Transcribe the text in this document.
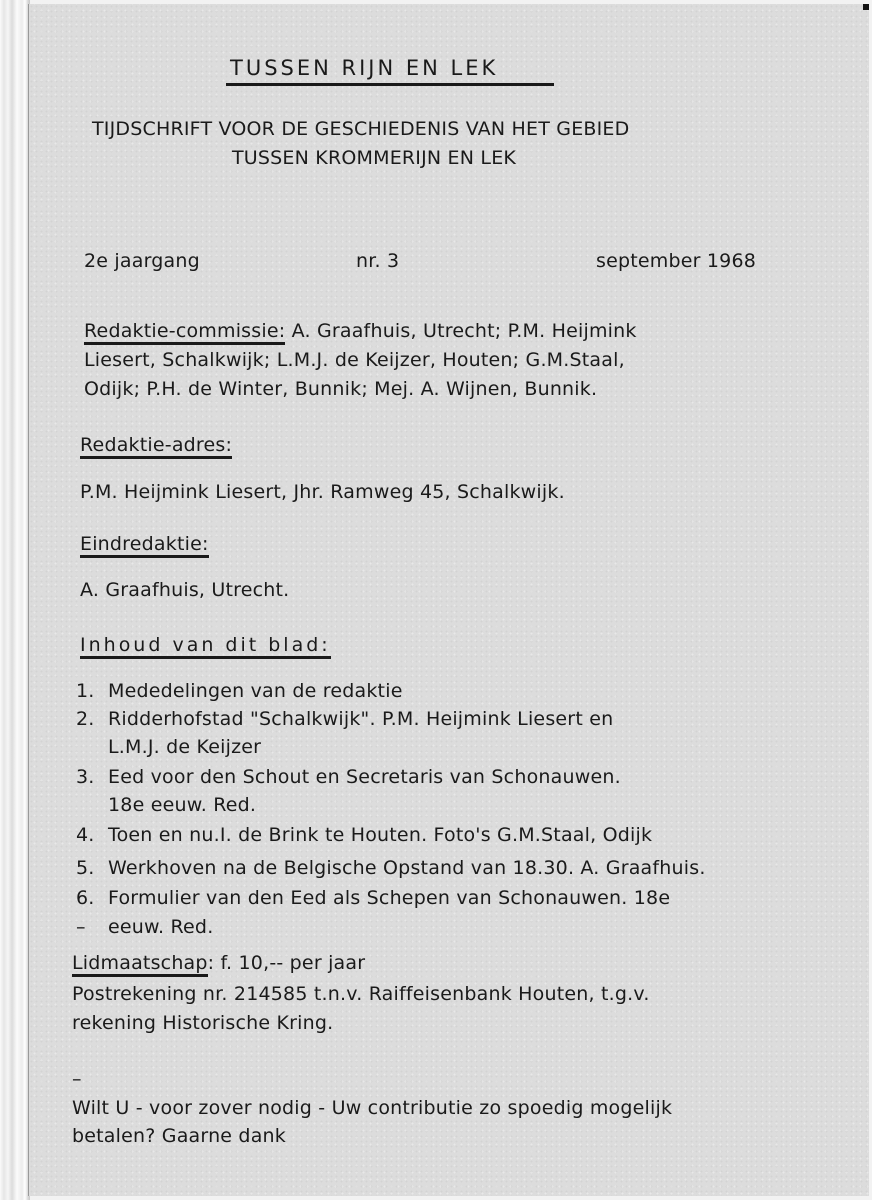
TUSSEN RIJN EN LEK
TIJDSCHRIFT VOOR DE GESCHIEDENIS VAN HET GEBIED
TUSSEN KROMMERIJN EN LEK
2e jaargang	nr. 3	september 1968
Redaktie-commissie: A. Graafhuis, Utrecht; P.M. Heijmink
Liesert, Schalkwijk; L.M.J. de Keijzer, Houten; G.M.Staal,
Odijk; P.H. de Winter, Bunnik; Mej. A. Wijnen, Bunnik.
Redaktie-adres:
P.M. Heijmink Liesert, Jhr. Ramweg 45, Schalkwijk.
Eindredaktie:
A. Graafhuis, Utrecht.
Inhoud van dit blad:
1. Mededelingen van de redaktie
2. Ridderhofstad "Schalkwijk". P.M. Heijmink Liesert en
L.M.J. de Keijzer
3. Eed voor den Schout en Secretaris van Schonauwen.
18e eeuw. Red.
4. Toen en nu.I. de Brink te Houten. Foto's G.M.Staal, Odijk
5. Werkhoven na de Belgische Opstand van 18.30. A. Graafhuis.
6. Formulier van den Eed als Schepen van Schonauwen. 18e
– eeuw. Red.
Lidmaatschap: f. 10,-- per jaar
Postrekening nr. 214585 t.n.v. Raiffeisenbank Houten, t.g.v.
rekening Historische Kring.
–
Wilt U - voor zover nodig - Uw contributie zo spoedig mogelijk
betalen? Gaarne dank
